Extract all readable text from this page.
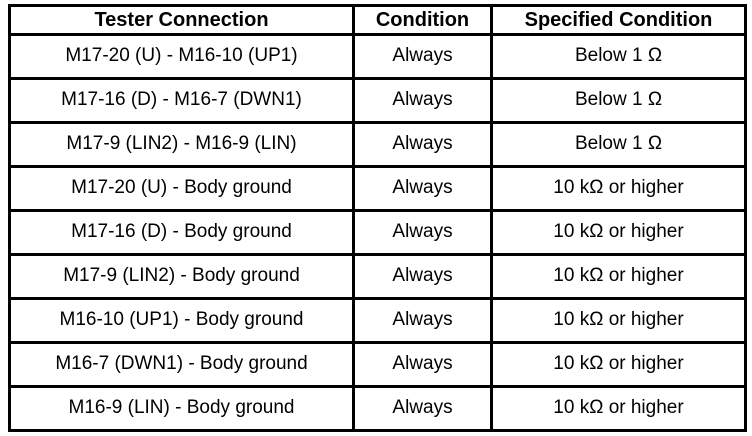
Tester Connection	Condition	Specified Condition
M17-20 (U) - M16-10 (UP1)	Always	Below 1 Ω
M17-16 (D) - M16-7 (DWN1)	Always	Below 1 Ω
M17-9 (LIN2) - M16-9 (LIN)	Always	Below 1 Ω
M17-20 (U) - Body ground	Always	10 kΩ or higher
M17-16 (D) - Body ground	Always	10 kΩ or higher
M17-9 (LIN2) - Body ground	Always	10 kΩ or higher
M16-10 (UP1) - Body ground	Always	10 kΩ or higher
M16-7 (DWN1) - Body ground	Always	10 kΩ or higher
M16-9 (LIN) - Body ground	Always	10 kΩ or higher
